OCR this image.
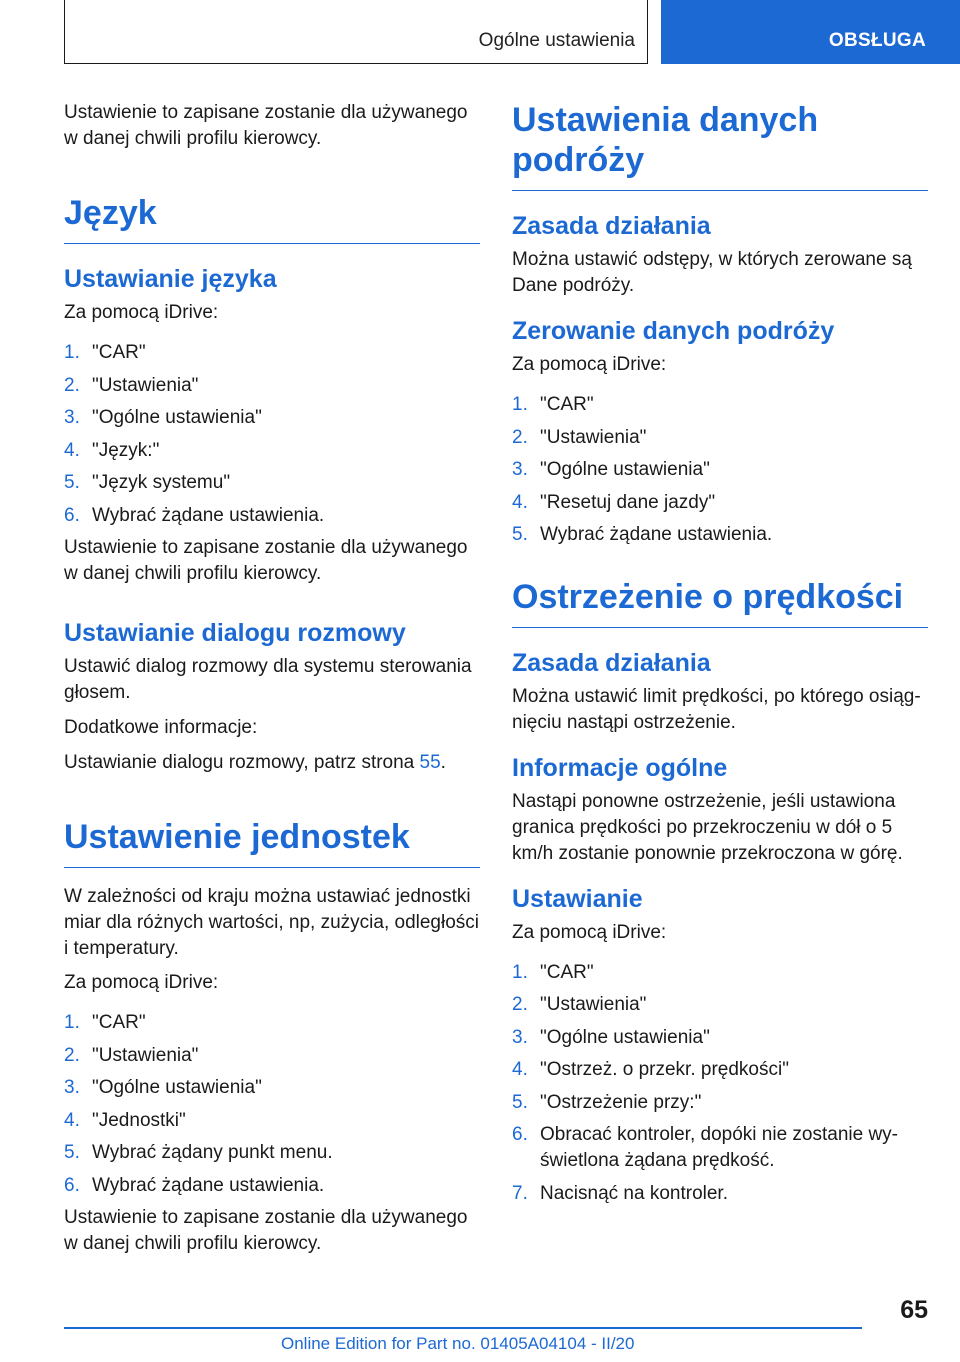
Ogólne ustawienia	OBSŁUGA

Ustawienie to zapisane zostanie dla używanego w danej chwili profilu kierowcy.

Język
Ustawianie języka

Za pomocą iDrive:

1. "CAR"
2. "Ustawienia"
3. "Ogólne ustawienia"
4. "Język:"
5. "Język systemu"
6. Wybrać żądane ustawienia.

Ustawienie to zapisane zostanie dla używanego w danej chwili profilu kierowcy.

Ustawianie dialogu rozmowy

Ustawić dialog rozmowy dla systemu sterowania głosem.

Dodatkowe informacje:

Ustawianie dialogu rozmowy, patrz strona 55.

Ustawienie jednostek

W zależności od kraju można ustawiać jednostki miar dla różnych wartości, np, zużycia, odległości i temperatury.

Za pomocą iDrive:

1. "CAR"
2. "Ustawienia"
3. "Ogólne ustawienia"
4. "Jednostki"
5. Wybrać żądany punkt menu.
6. Wybrać żądane ustawienia.

Ustawienie to zapisane zostanie dla używanego w danej chwili profilu kierowcy.

Ustawienia danych podróży
Zasada działania

Można ustawić odstępy, w których zerowane są Dane podróży.

Zerowanie danych podróży

Za pomocą iDrive:

1. "CAR"
2. "Ustawienia"
3. "Ogólne ustawienia"
4. "Resetuj dane jazdy"
5. Wybrać żądane ustawienia.
Ostrzeżenie o prędkości
Zasada działania

Można ustawić limit prędkości, po którego osiąg-nięciu nastąpi ostrzeżenie.

Informacje ogólne

Nastąpi ponowne ostrzeżenie, jeśli ustawiona granica prędkości po przekroczeniu w dół o 5 km/h zostanie ponownie przekroczona w górę.

Ustawianie

Za pomocą iDrive:

1. "CAR"
2. "Ustawienia"
3. "Ogólne ustawienia"
4. "Ostrzeż. o przekr. prędkości"
5. "Ostrzeżenie przy:"
6. Obracać kontroler, dopóki nie zostanie wy-świetlona żądana prędkość.
7. Nacisnąć na kontroler.
65
Online Edition for Part no. 01405A04104 - II/20
